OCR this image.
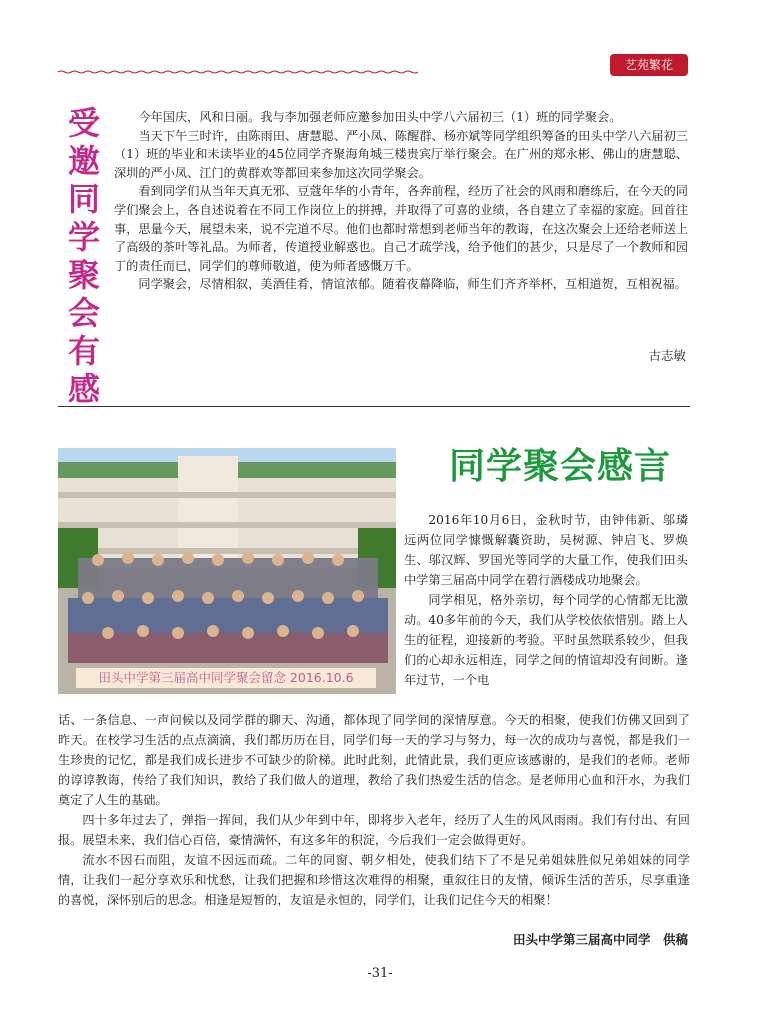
艺苑繁花
受
邀
同
学
聚
会
有
感

今年国庆，风和日丽。我与李加强老师应邀参加田头中学八六届初三（1）班的同学聚会。

当天下午三时许，由陈雨田、唐慧聪、严小凤、陈醒群、杨亦斌等同学组织筹备的田头中学八六届初三（1）班的毕业和未读毕业的45位同学齐聚海角城三楼贵宾厅举行聚会。在广州的郑永彬、佛山的唐慧聪、深圳的严小凤、江门的黄群欢等都回来参加这次同学聚会。

看到同学们从当年天真无邪、豆蔻年华的小青年，各奔前程，经历了社会的风雨和磨练后，在今天的同学们聚会上，各自述说着在不同工作岗位上的拼搏，并取得了可喜的业绩，各自建立了幸福的家庭。回首往事，思量今天，展望未来，说不完道不尽。他们也都时常想到老师当年的教诲，在这次聚会上还给老师送上了高级的茶叶等礼品。为师者，传道授业解惑也。自己才疏学浅，给予他们的甚少，只是尽了一个教师和园丁的责任而已，同学们的尊师敬道，使为师者感慨万千。

同学聚会，尽情相叙，美酒佳肴，情谊浓郁。随着夜幕降临，师生们齐齐举杯，互相道贺，互相祝福。

古志敏
田头中学第三届高中同学聚会留念 2016.10.6
同学聚会感言

2016年10月6日，金秋时节，由钟伟新、邬璘远两位同学慷慨解囊资助，吴树源、钟启飞、罗焕生、邬汉辉、罗国光等同学的大量工作，使我们田头中学第三届高中同学在碧行酒楼成功地聚会。

同学相见，格外亲切，每个同学的心情都无比激动。40多年前的今天，我们从学校依依惜别。踏上人生的征程，迎接新的考验。平时虽然联系较少，但我们的心却永远相连，同学之间的情谊却没有间断。逢年过节，一个电

话、一条信息、一声问候以及同学群的聊天、沟通，都体现了同学间的深情厚意。今天的相聚，使我们仿佛又回到了昨天。在校学习生活的点点滴滴，我们都历历在目，同学们每一天的学习与努力，每一次的成功与喜悦，都是我们一生珍贵的记忆，都是我们成长进步不可缺少的阶梯。此时此刻，此情此景，我们更应该感谢的，是我们的老师。老师的谆谆教诲，传给了我们知识，教给了我们做人的道理，教给了我们热爱生活的信念。是老师用心血和汗水，为我们奠定了人生的基础。

四十多年过去了，弹指一挥间，我们从少年到中年，即将步入老年，经历了人生的风风雨雨。我们有付出、有回报。展望未来，我们信心百倍，豪情满怀，有这多年的积淀，今后我们一定会做得更好。

流水不因石而阻，友谊不因远而疏。二年的同窗、朝夕相处，使我们结下了不是兄弟姐妹胜似兄弟姐妹的同学情，让我们一起分享欢乐和忧愁，让我们把握和珍惜这次难得的相聚，重叙往日的友情，倾诉生活的苦乐，尽享重逢的喜悦，深怀别后的思念。相逢是短暂的，友谊是永恒的，同学们，让我们记住今天的相聚！

田头中学第三届高中同学　供稿
-31-
